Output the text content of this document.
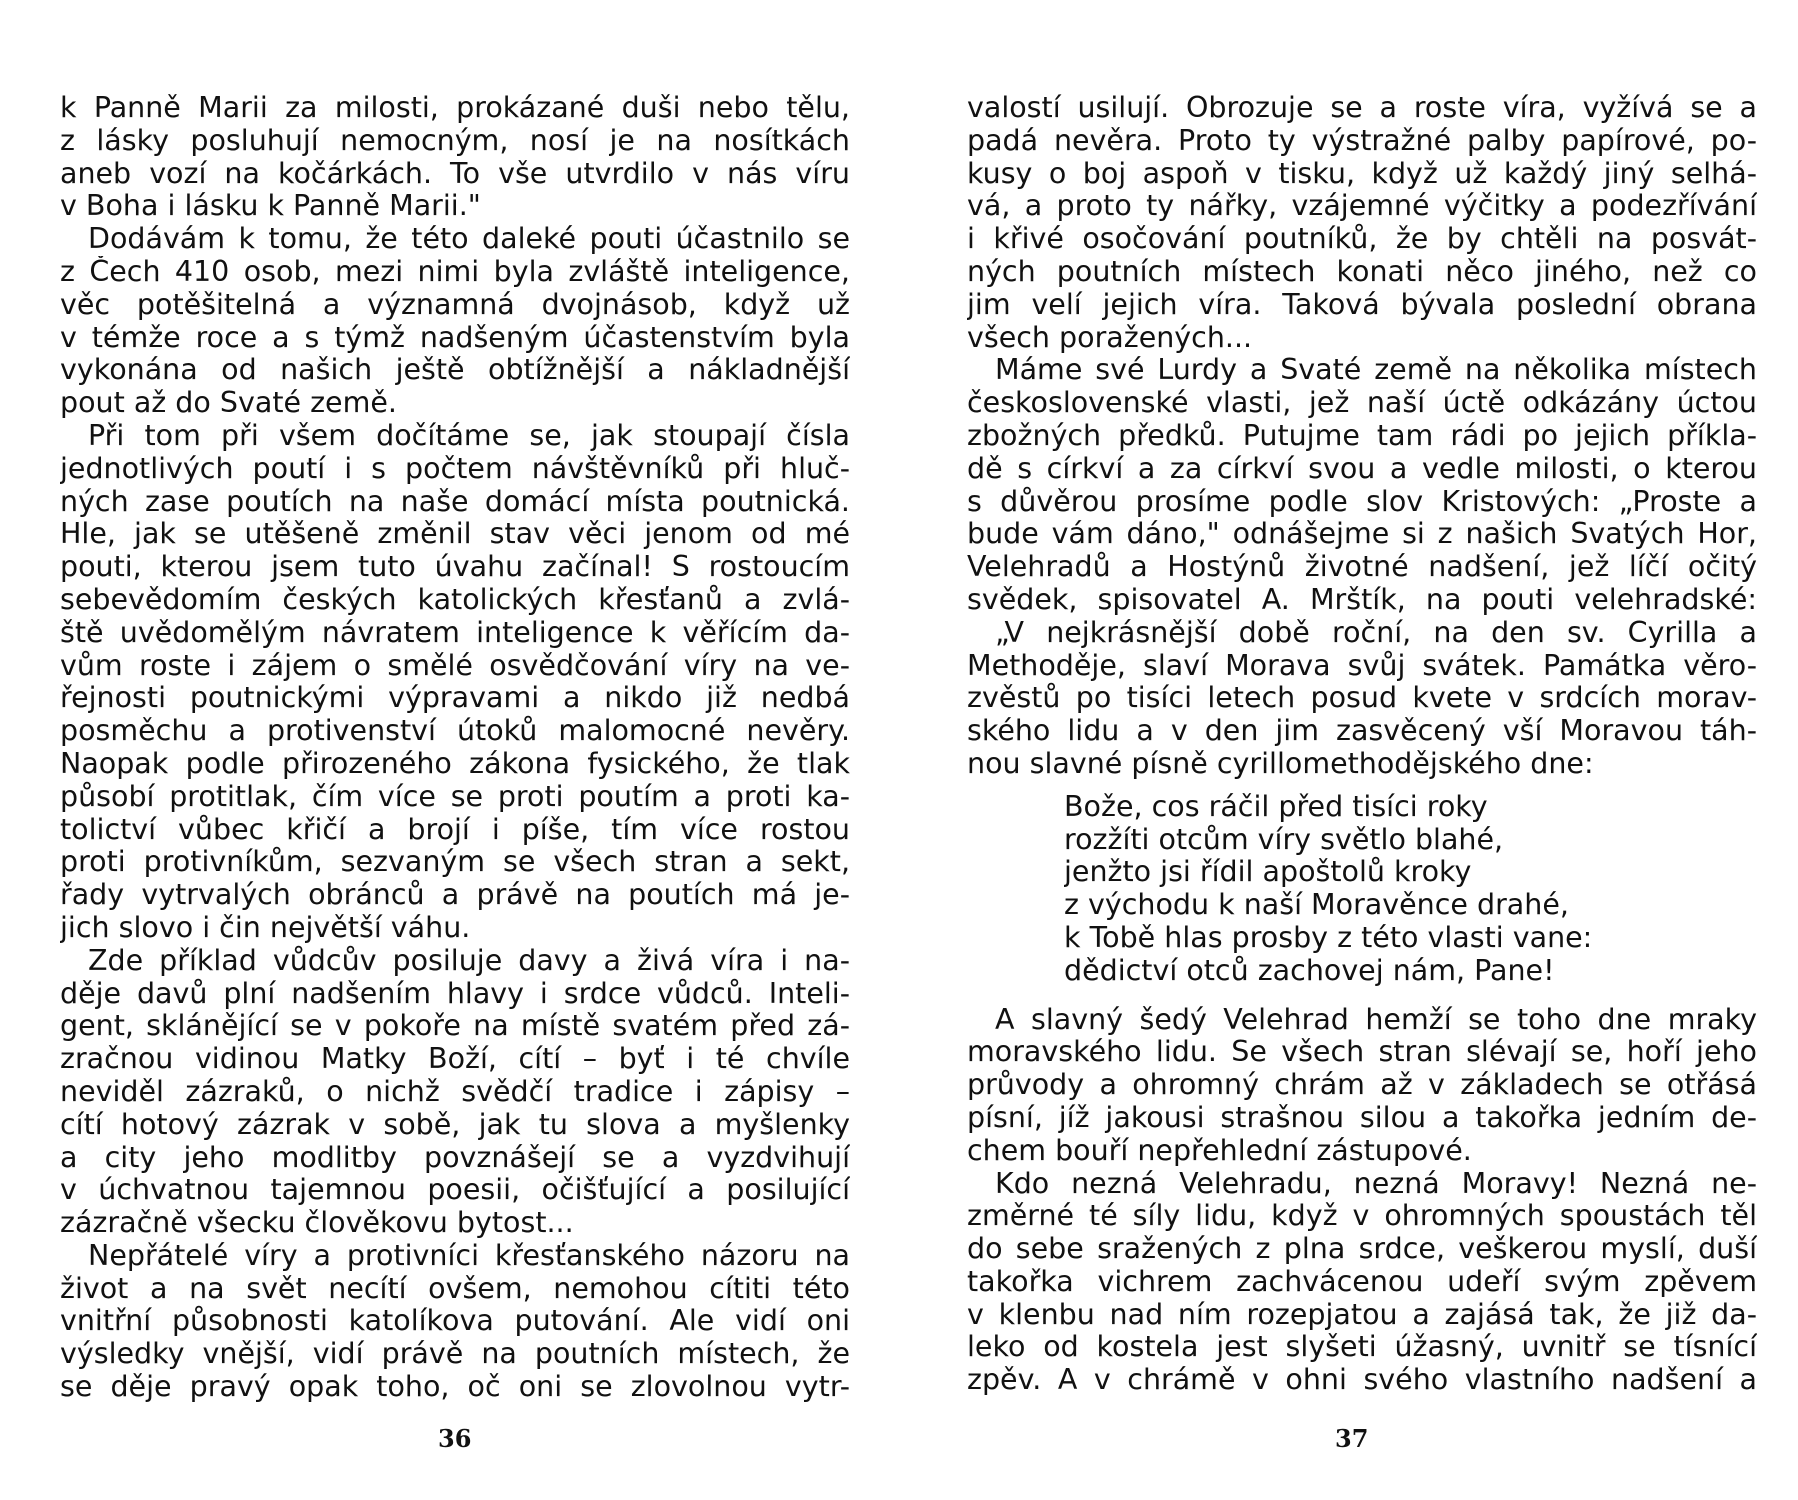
k Panně Marii za milosti, prokázané duši nebo tělu,
z lásky posluhují nemocným, nosí je na nosítkách
aneb vozí na kočárkách. To vše utvrdilo v nás víru
v Boha i lásku k Panně Marii."
Dodávám k tomu, že této daleké pouti účastnilo se
z Čech 410 osob, mezi nimi byla zvláště inteligence,
věc potěšitelná a významná dvojnásob, když už
v témže roce a s týmž nadšeným účastenstvím byla
vykonána od našich ještě obtížnější a nákladnější
pout až do Svaté země.
Při tom při všem dočítáme se, jak stoupají čísla
jednotlivých poutí i s počtem návštěvníků při hluč-
ných zase poutích na naše domácí místa poutnická.
Hle, jak se utěšeně změnil stav věci jenom od mé
pouti, kterou jsem tuto úvahu začínal! S rostoucím
sebevědomím českých katolických křesťanů a zvlá-
ště uvědomělým návratem inteligence k věřícím da-
vům roste i zájem o smělé osvědčování víry na ve-
řejnosti poutnickými výpravami a nikdo již nedbá
posměchu a protivenství útoků malomocné nevěry.
Naopak podle přirozeného zákona fysického, že tlak
působí protitlak, čím více se proti poutím a proti ka-
tolictví vůbec křičí a brojí i píše, tím více rostou
proti protivníkům, sezvaným se všech stran a sekt,
řady vytrvalých obránců a právě na poutích má je-
jich slovo i čin největší váhu.
Zde příklad vůdcův posiluje davy a živá víra i na-
děje davů plní nadšením hlavy i srdce vůdců. Inteli-
gent, sklánějící se v pokoře na místě svatém před zá-
zračnou vidinou Matky Boží, cítí – byť i té chvíle
neviděl zázraků, o nichž svědčí tradice i zápisy –
cítí hotový zázrak v sobě, jak tu slova a myšlenky
a city jeho modlitby povznášejí se a vyzdvihují
v úchvatnou tajemnou poesii, očišťující a posilující
zázračně všecku člověkovu bytost...
Nepřátelé víry a protivníci křesťanského názoru na
život a na svět necítí ovšem, nemohou cítiti této
vnitřní působnosti katolíkova putování. Ale vidí oni
výsledky vnější, vidí právě na poutních místech, že
se děje pravý opak toho, oč oni se zlovolnou vytr-
36
valostí usilují. Obrozuje se a roste víra, vyžívá se a
padá nevěra. Proto ty výstražné palby papírové, po-
kusy o boj aspoň v tisku, když už každý jiný selhá-
vá, a proto ty nářky, vzájemné výčitky a podezřívání
i křivé osočování poutníků, že by chtěli na posvát-
ných poutních místech konati něco jiného, než co
jim velí jejich víra. Taková bývala poslední obrana
všech poražených...
Máme své Lurdy a Svaté země na několika místech
československé vlasti, jež naší úctě odkázány úctou
zbožných předků. Putujme tam rádi po jejich příkla-
dě s církví a za církví svou a vedle milosti, o kterou
s důvěrou prosíme podle slov Kristových: „Proste a
bude vám dáno," odnášejme si z našich Svatých Hor,
Velehradů a Hostýnů životné nadšení, jež líčí očitý
svědek, spisovatel A. Mrštík, na pouti velehradské:
„V nejkrásnější době roční, na den sv. Cyrilla a
Methoděje, slaví Morava svůj svátek. Památka věro-
zvěstů po tisíci letech posud kvete v srdcích morav-
ského lidu a v den jim zasvěcený vší Moravou táh-
nou slavné písně cyrillomethodějského dne:
Bože, cos ráčil před tisíci roky
rozžíti otcům víry světlo blahé,
jenžto jsi řídil apoštolů kroky
z východu k naší Moravěnce drahé,
k Tobě hlas prosby z této vlasti vane:
dědictví otců zachovej nám, Pane!
A slavný šedý Velehrad hemží se toho dne mraky
moravského lidu. Se všech stran slévají se, hoří jeho
průvody a ohromný chrám až v základech se otřásá
písní, jíž jakousi strašnou silou a takořka jedním de-
chem bouří nepřehlední zástupové.
Kdo nezná Velehradu, nezná Moravy! Nezná ne-
změrné té síly lidu, když v ohromných spoustách těl
do sebe sražených z plna srdce, veškerou myslí, duší
takořka vichrem zachvácenou udeří svým zpěvem
v klenbu nad ním rozepjatou a zajásá tak, že již da-
leko od kostela jest slyšeti úžasný, uvnitř se tísnící
zpěv. A v chrámě v ohni svého vlastního nadšení a
37
